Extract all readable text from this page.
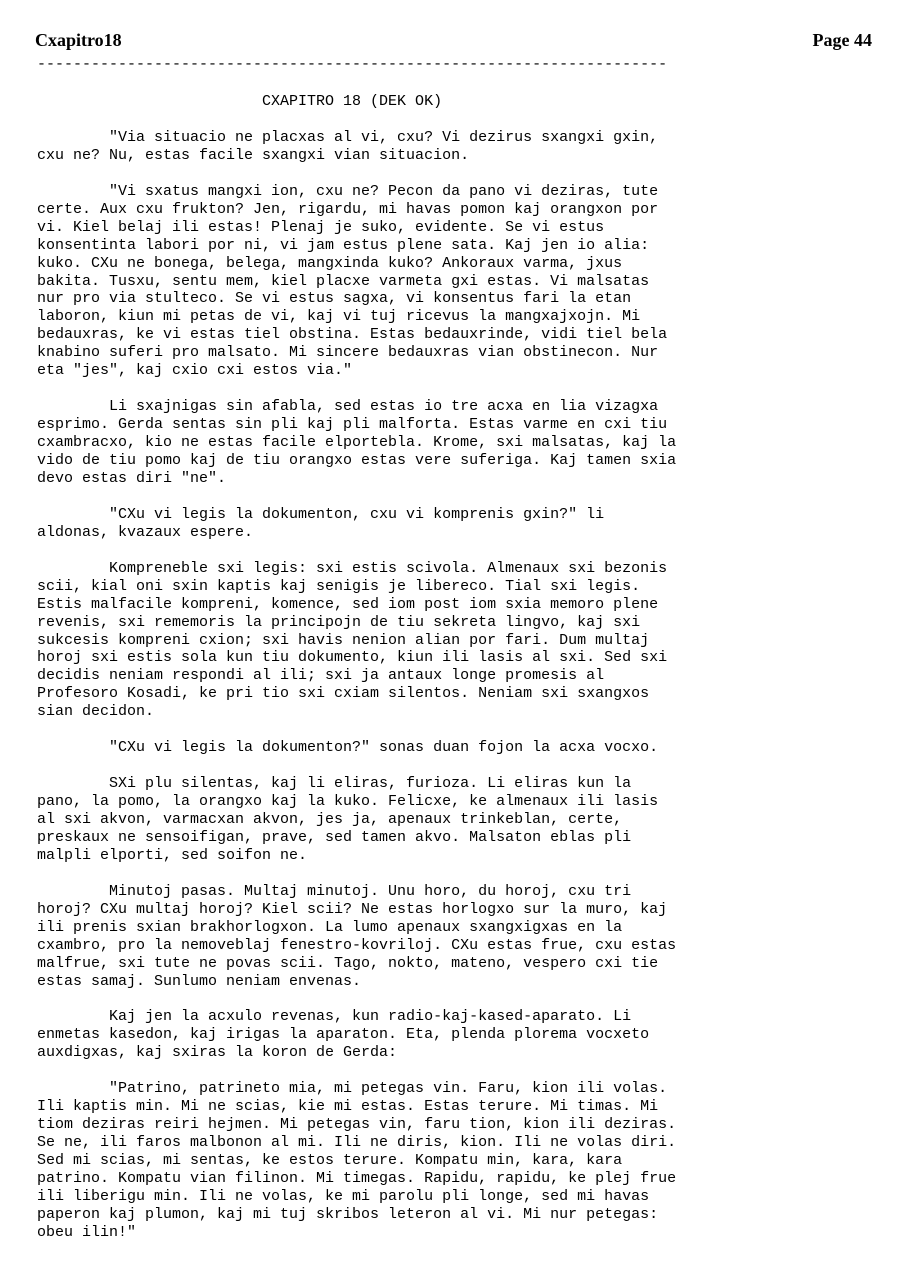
Cxapitro18	Page 44
----------------------------------------------------------------------

CXAPITRO 18 (DEK OK)

"Via situacio ne placxas al vi, cxu? Vi dezirus sxangxi gxin,

cxu ne? Nu, estas facile sxangxi vian situacion.

"Vi sxatus mangxi ion, cxu ne? Pecon da pano vi deziras, tute

certe. Aux cxu frukton? Jen, rigardu, mi havas pomon kaj orangxon por

vi. Kiel belaj ili estas! Plenaj je suko, evidente. Se vi estus

konsentinta labori por ni, vi jam estus plene sata. Kaj jen io alia:

kuko. CXu ne bonega, belega, mangxinda kuko? Ankoraux varma, jxus

bakita. Tusxu, sentu mem, kiel placxe varmeta gxi estas. Vi malsatas

nur pro via stulteco. Se vi estus sagxa, vi konsentus fari la etan

laboron, kiun mi petas de vi, kaj vi tuj ricevus la mangxajxojn. Mi

bedauxras, ke vi estas tiel obstina. Estas bedauxrinde, vidi tiel bela

knabino suferi pro malsato. Mi sincere bedauxras vian obstinecon. Nur

eta "jes", kaj cxio cxi estos via."

Li sxajnigas sin afabla, sed estas io tre acxa en lia vizagxa

esprimo. Gerda sentas sin pli kaj pli malforta. Estas varme en cxi tiu

cxambracxo, kio ne estas facile elportebla. Krome, sxi malsatas, kaj la

vido de tiu pomo kaj de tiu orangxo estas vere suferiga. Kaj tamen sxia

devo estas diri "ne".

"CXu vi legis la dokumenton, cxu vi komprenis gxin?" li

aldonas, kvazaux espere.

Kompreneble sxi legis: sxi estis scivola. Almenaux sxi bezonis

scii, kial oni sxin kaptis kaj senigis je libereco. Tial sxi legis.

Estis malfacile kompreni, komence, sed iom post iom sxia memoro plene

revenis, sxi rememoris la principojn de tiu sekreta lingvo, kaj sxi

sukcesis kompreni cxion; sxi havis nenion alian por fari. Dum multaj

horoj sxi estis sola kun tiu dokumento, kiun ili lasis al sxi. Sed sxi

decidis neniam respondi al ili; sxi ja antaux longe promesis al

Profesoro Kosadi, ke pri tio sxi cxiam silentos. Neniam sxi sxangxos

sian decidon.

"CXu vi legis la dokumenton?" sonas duan fojon la acxa vocxo.

SXi plu silentas, kaj li eliras, furioza. Li eliras kun la

pano, la pomo, la orangxo kaj la kuko. Felicxe, ke almenaux ili lasis

al sxi akvon, varmacxan akvon, jes ja, apenaux trinkeblan, certe,

preskaux ne sensoifigan, prave, sed tamen akvo. Malsaton eblas pli

malpli elporti, sed soifon ne.

Minutoj pasas. Multaj minutoj. Unu horo, du horoj, cxu tri

horoj? CXu multaj horoj? Kiel scii? Ne estas horlogxo sur la muro, kaj

ili prenis sxian brakhorlogxon. La lumo apenaux sxangxigxas en la

cxambro, pro la nemoveblaj fenestro-kovriloj. CXu estas frue, cxu estas

malfrue, sxi tute ne povas scii. Tago, nokto, mateno, vespero cxi tie

estas samaj. Sunlumo neniam envenas.

Kaj jen la acxulo revenas, kun radio-kaj-kased-aparato. Li

enmetas kasedon, kaj irigas la aparaton. Eta, plenda plorema vocxeto

auxdigxas, kaj sxiras la koron de Gerda:

"Patrino, patrineto mia, mi petegas vin. Faru, kion ili volas.

Ili kaptis min. Mi ne scias, kie mi estas. Estas terure. Mi timas. Mi

tiom deziras reiri hejmen. Mi petegas vin, faru tion, kion ili deziras.

Se ne, ili faros malbonon al mi. Ili ne diris, kion. Ili ne volas diri.

Sed mi scias, mi sentas, ke estos terure. Kompatu min, kara, kara

patrino. Kompatu vian filinon. Mi timegas. Rapidu, rapidu, ke plej frue

ili liberigu min. Ili ne volas, ke mi parolu pli longe, sed mi havas

paperon kaj plumon, kaj mi tuj skribos leteron al vi. Mi nur petegas:

obeu ilin!"
